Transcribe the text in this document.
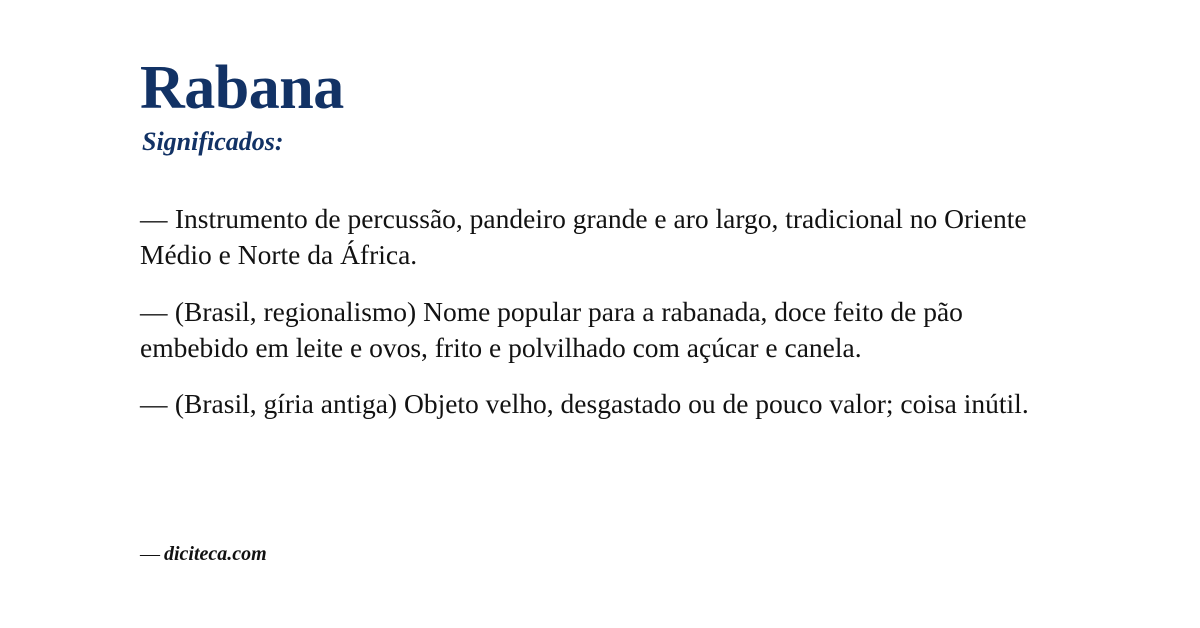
Rabana
Significados:

— Instrumento de percussão, pandeiro grande e aro largo, tradicional no Oriente Médio e Norte da África.

— (Brasil, regionalismo) Nome popular para a rabanada, doce feito de pão embebido em leite e ovos, frito e polvilhado com açúcar e canela.

— (Brasil, gíria antiga) Objeto velho, desgastado ou de pouco valor; coisa inútil.

— diciteca.com
